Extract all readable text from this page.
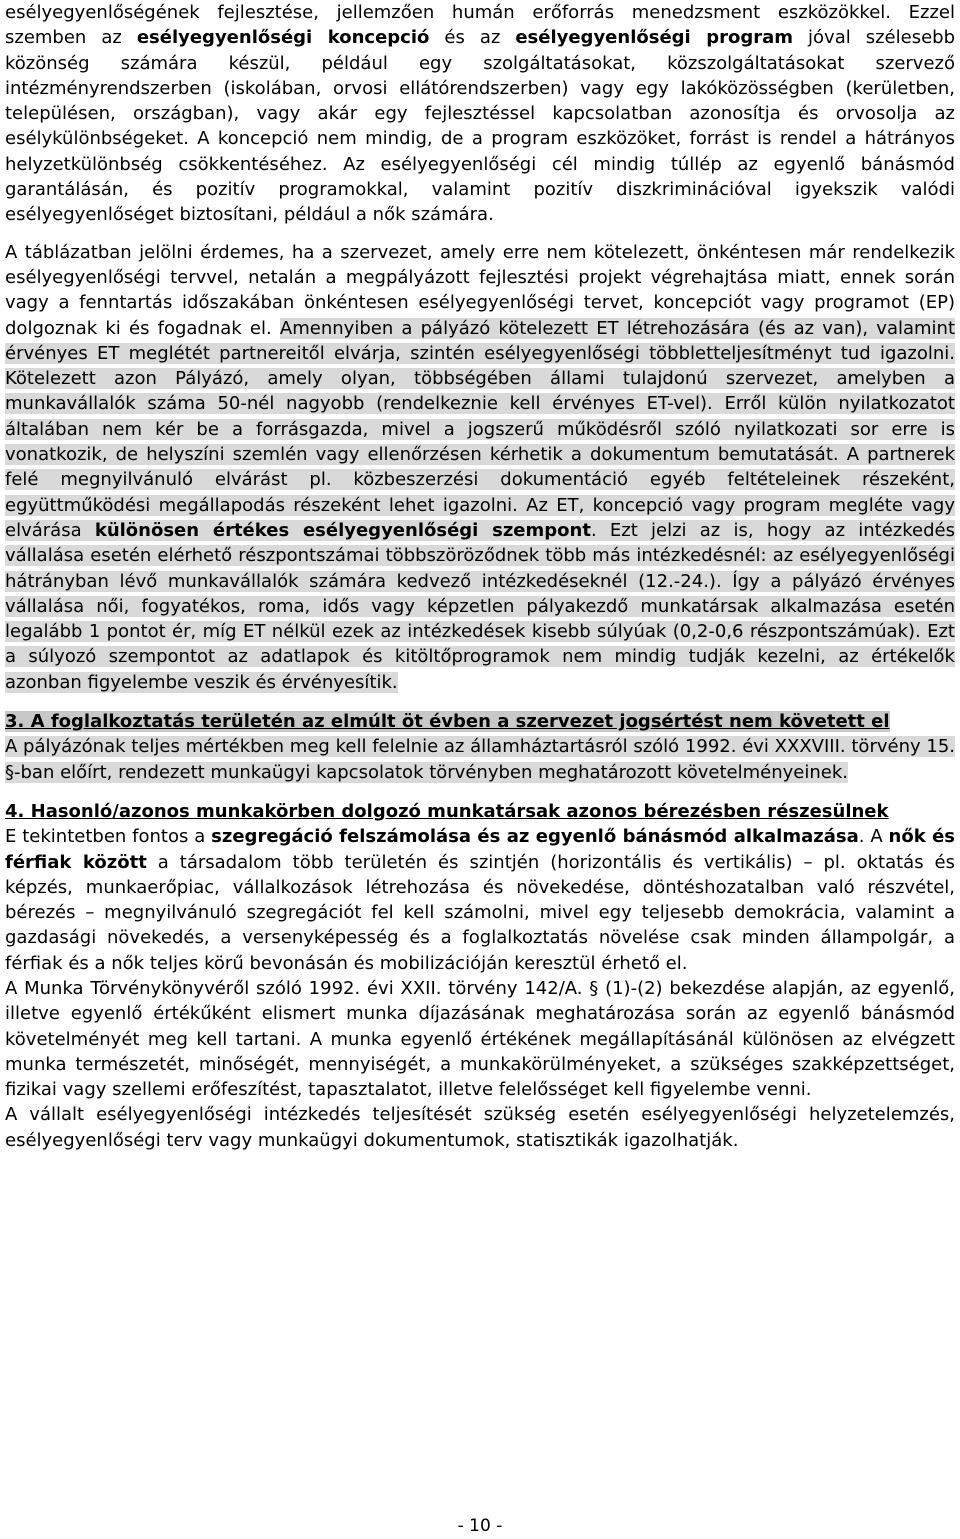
esélyegyenlőségének fejlesztése, jellemzően humán erőforrás menedzsment eszközökkel. Ezzel szemben az esélyegyenlőségi koncepció és az esélyegyenlőségi program jóval szélesebb közönség számára készül, például egy szolgáltatásokat, közszolgáltatásokat szervező intézményrendszerben (iskolában, orvosi ellátórendszerben) vagy egy lakóközösségben (kerületben, településen, országban), vagy akár egy fejlesztéssel kapcsolatban azonosítja és orvosolja az esélykülönbségeket. A koncepció nem mindig, de a program eszközöket, forrást is rendel a hátrányos helyzetkülönbség csökkentéséhez. Az esélyegyenlőségi cél mindig túllép az egyenlő bánásmód garantálásán, és pozitív programokkal, valamint pozitív diszkriminációval igyekszik valódi esélyegyenlőséget biztosítani, például a nők számára.

A táblázatban jelölni érdemes, ha a szervezet, amely erre nem kötelezett, önkéntesen már rendelkezik esélyegyenlőségi tervvel, netalán a megpályázott fejlesztési projekt végrehajtása miatt, ennek során vagy a fenntartás időszakában önkéntesen esélyegyenlőségi tervet, koncepciót vagy programot (EP) dolgoznak ki és fogadnak el. Amennyiben a pályázó kötelezett ET létrehozására (és az van), valamint érvényes ET meglétét partnereitől elvárja, szintén esélyegyenlőségi többletteljesítményt tud igazolni. Kötelezett azon Pályázó, amely olyan, többségében állami tulajdonú szervezet, amelyben a munkavállalók száma 50-nél nagyobb (rendelkeznie kell érvényes ET-vel). Erről külön nyilatkozatot általában nem kér be a forrásgazda, mivel a jogszerű működésről szóló nyilatkozati sor erre is vonatkozik, de helyszíni szemlén vagy ellenőrzésen kérhetik a dokumentum bemutatását. A partnerek felé megnyilvánuló elvárást pl. közbeszerzési dokumentáció egyéb feltételeinek részeként, együttműködési megállapodás részeként lehet igazolni. Az ET, koncepció vagy program megléte vagy elvárása különösen értékes esélyegyenlőségi szempont. Ezt jelzi az is, hogy az intézkedés vállalása esetén elérhető részpontszámai többszöröződnek több más intézkedésnél: az esélyegyenlőségi hátrányban lévő munkavállalók számára kedvező intézkedéseknél (12.-24.). Így a pályázó érvényes vállalása női, fogyatékos, roma, idős vagy képzetlen pályakezdő munkatársak alkalmazása esetén legalább 1 pontot ér, míg ET nélkül ezek az intézkedések kisebb súlyúak (0,2-0,6 részpontszámúak). Ezt a súlyozó szempontot az adatlapok és kitöltőprogramok nem mindig tudják kezelni, az értékelők azonban figyelembe veszik és érvényesítik.

3. A foglalkoztatás területén az elmúlt öt évben a szervezet jogsértést nem követett el

A pályázónak teljes mértékben meg kell felelnie az államháztartásról szóló 1992. évi XXXVIII. törvény 15. §-ban előírt, rendezett munkaügyi kapcsolatok törvényben meghatározott követelményeinek.

4. Hasonló/azonos munkakörben dolgozó munkatársak azonos bérezésben részesülnek

E tekintetben fontos a szegregáció felszámolása és az egyenlő bánásmód alkalmazása. A nők és férfiak között a társadalom több területén és szintjén (horizontális és vertikális) – pl. oktatás és képzés, munkaerőpiac, vállalkozások létrehozása és növekedése, döntéshozatalban való részvétel, bérezés – megnyilvánuló szegregációt fel kell számolni, mivel egy teljesebb demokrácia, valamint a gazdasági növekedés, a versenyképesség és a foglalkoztatás növelése csak minden állampolgár, a férfiak és a nők teljes körű bevonásán és mobilizációján keresztül érhető el.

A Munka Törvénykönyvéről szóló 1992. évi XXII. törvény 142/A. § (1)-(2) bekezdése alapján, az egyenlő, illetve egyenlő értékűként elismert munka díjazásának meghatározása során az egyenlő bánásmód követelményét meg kell tartani. A munka egyenlő értékének megállapításánál különösen az elvégzett munka természetét, minőségét, mennyiségét, a munkakörülményeket, a szükséges szakképzettséget, fizikai vagy szellemi erőfeszítést, tapasztalatot, illetve felelősséget kell figyelembe venni.

A vállalt esélyegyenlőségi intézkedés teljesítését szükség esetén esélyegyenlőségi helyzetelemzés, esélyegyenlőségi terv vagy munkaügyi dokumentumok, statisztikák igazolhatják.

- 10 -
